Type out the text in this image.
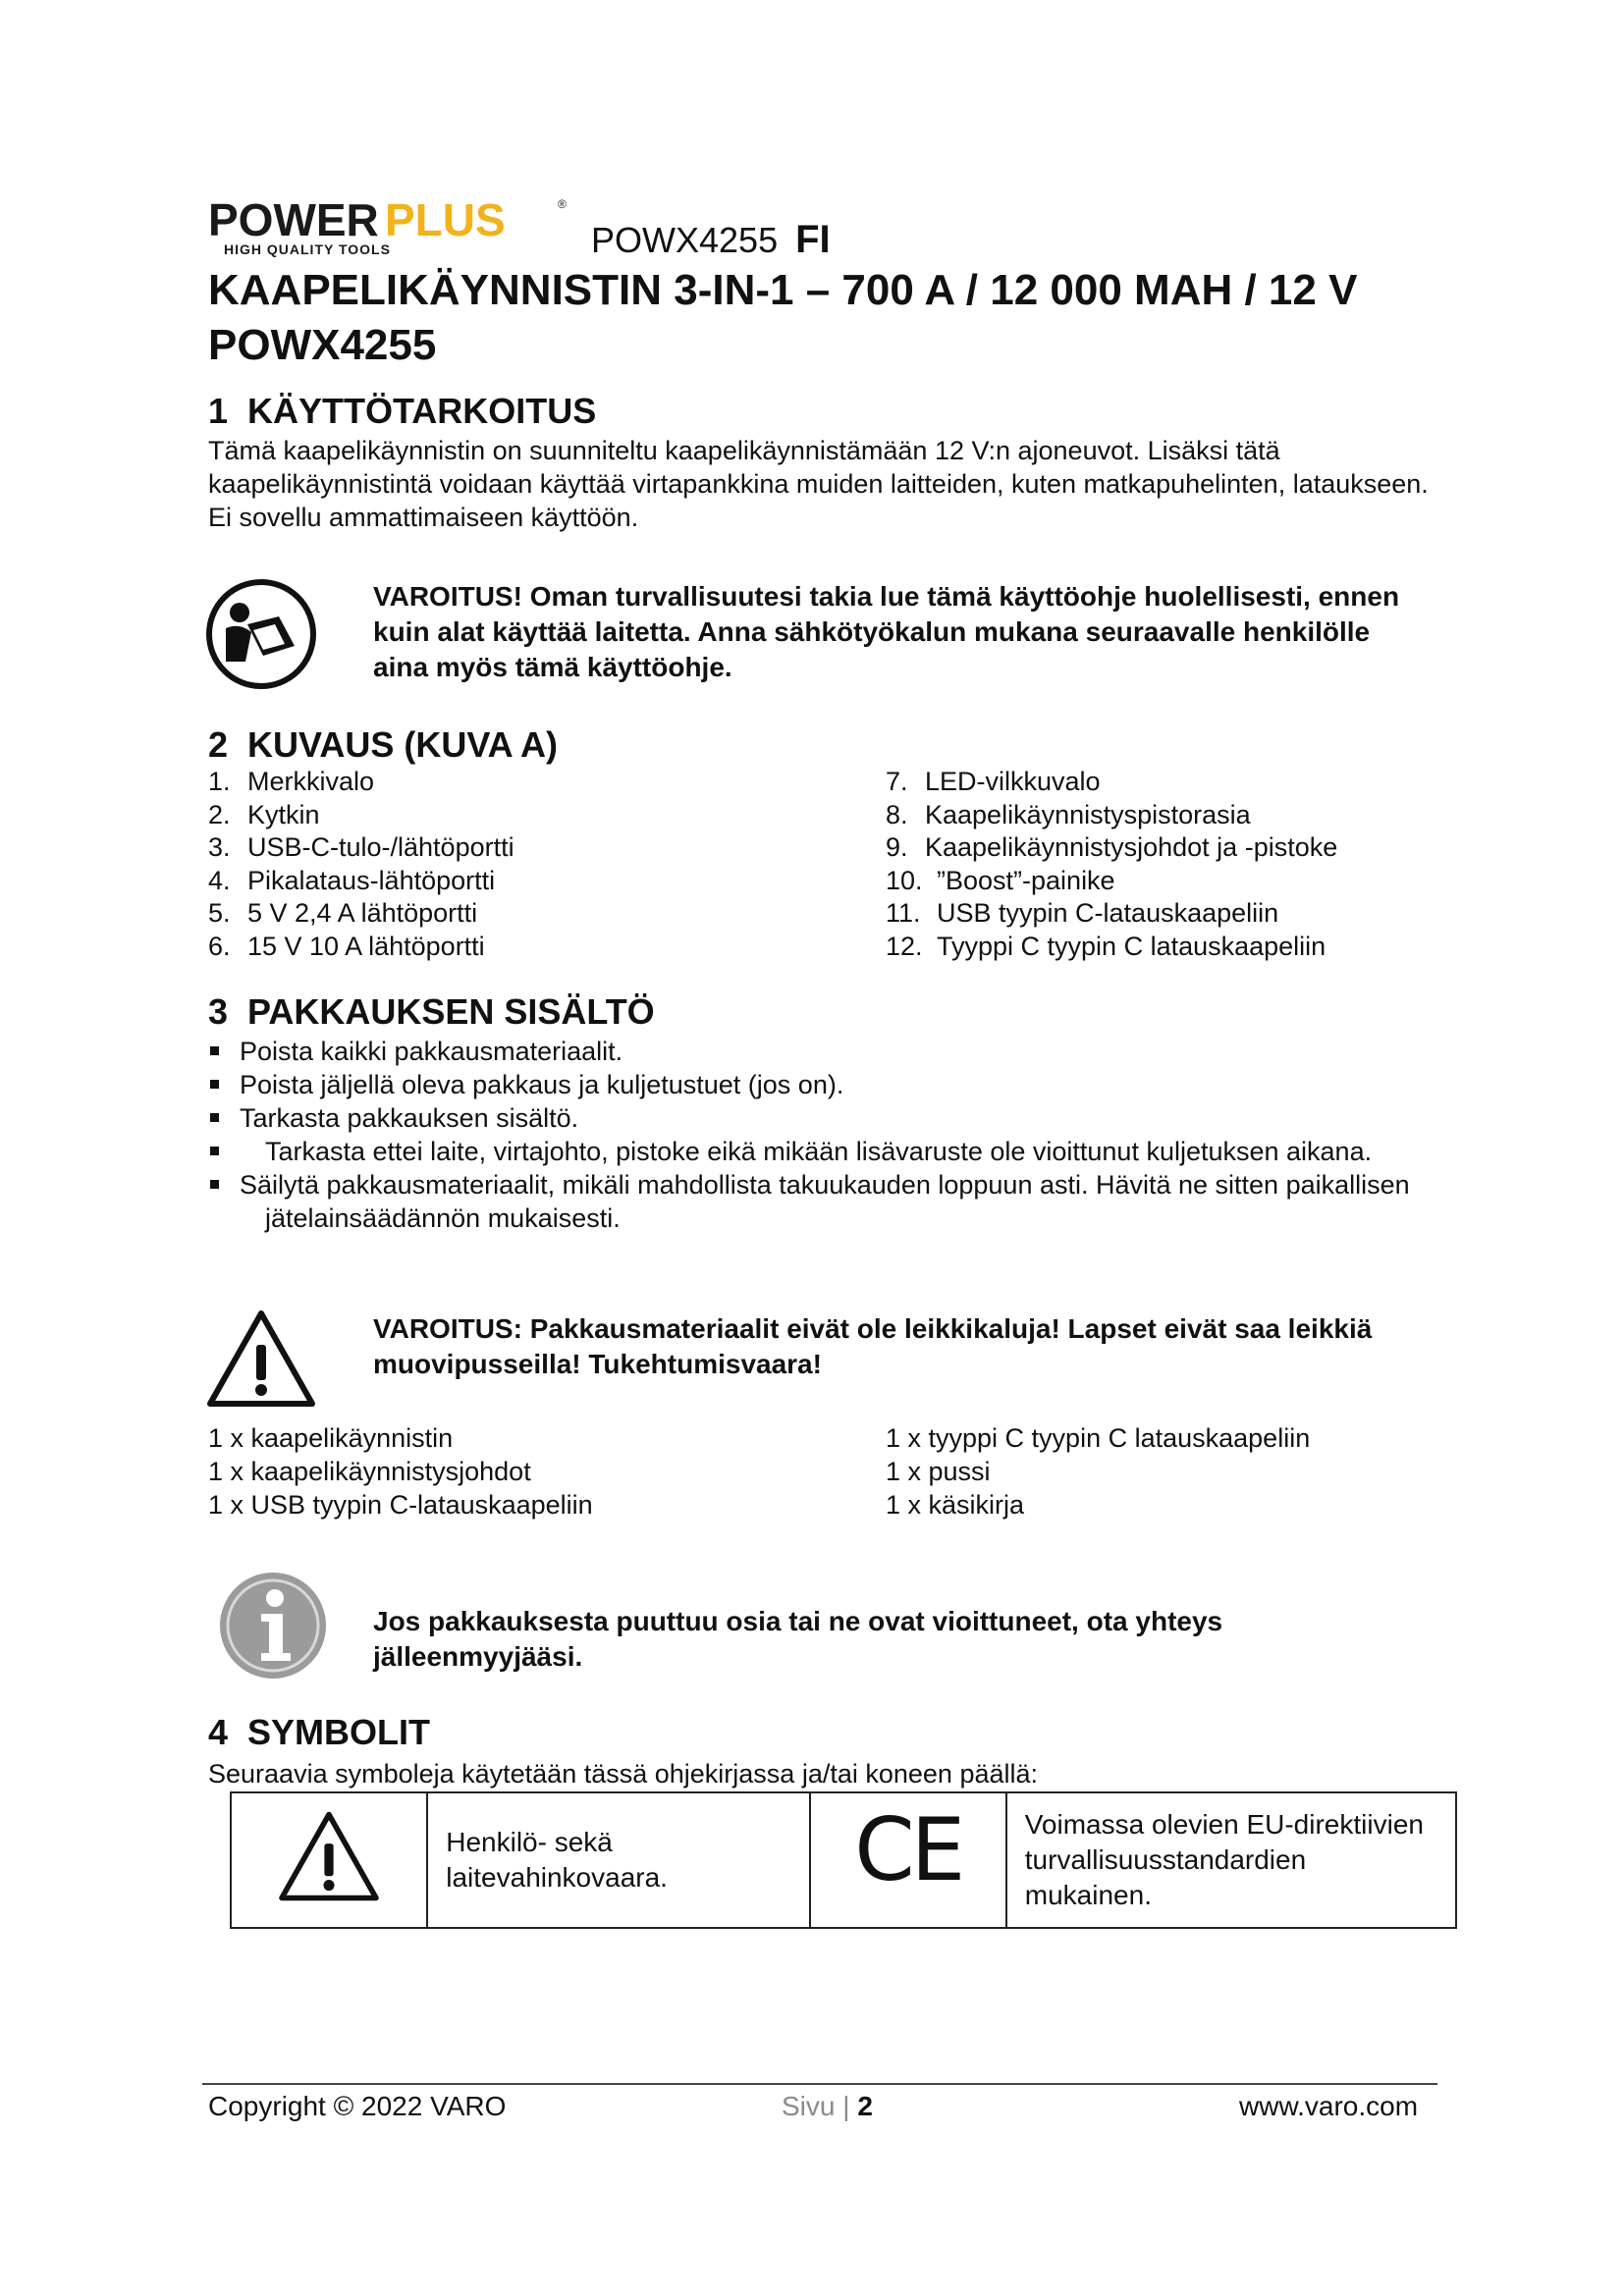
POWER PLUS	®
HIGH QUALITY TOOLS	POWX4255 FI
KAAPELIKÄYNNISTIN 3-IN-1 – 700 A / 12 000 MAH / 12 V
POWX4255
1 KÄYTTÖTARKOITUS
Tämä kaapelikäynnistin on suunniteltu kaapelikäynnistämään 12 V:n ajoneuvot. Lisäksi tätä kaapelikäynnistintä voidaan käyttää virtapankkina muiden laitteiden, kuten matkapuhelinten, lataukseen. Ei sovellu ammattimaiseen käyttöön.
VAROITUS! Oman turvallisuutesi takia lue tämä käyttöohje huolellisesti, ennen kuin alat käyttää laitetta. Anna sähkötyökalun mukana seuraavalle henkilölle aina myös tämä käyttöohje.
2 KUVAUS (KUVA A)
1. Merkkivalo
2. Kytkin
3. USB-C-tulo-/lähtöportti
4. Pikalataus-lähtöportti
5. 5 V 2,4 A lähtöportti
6. 15 V 10 A lähtöportti
7. LED-vilkkuvalo
8. Kaapelikäynnistyspistorasia
9. Kaapelikäynnistysjohdot ja -pistoke
10. ”Boost”-painike
11. USB tyypin C-latauskaapeliin
12. Tyyppi C tyypin C latauskaapeliin
3 PAKKAUKSEN SISÄLTÖ
Poista kaikki pakkausmateriaalit.
Poista jäljellä oleva pakkaus ja kuljetustuet (jos on).
Tarkasta pakkauksen sisältö.
Tarkasta ettei laite, virtajohto, pistoke eikä mikään lisävaruste ole vioittunut kuljetuksen aikana.
Säilytä pakkausmateriaalit, mikäli mahdollista takuukauden loppuun asti. Hävitä ne sitten paikallisen jätelainsäädännön mukaisesti.
VAROITUS: Pakkausmateriaalit eivät ole leikkikaluja! Lapset eivät saa leikkiä muovipusseilla! Tukehtumisvaara!
1 x kaapelikäynnistin
1 x kaapelikäynnistysjohdot
1 x USB tyypin C-latauskaapeliin
1 x tyyppi C tyypin C latauskaapeliin
1 x pussi
1 x käsikirja
Jos pakkauksesta puuttuu osia tai ne ovat vioittuneet, ota yhteys jälleenmyyjääsi.
4 SYMBOLIT
Seuraavia symboleja käytetään tässä ohjekirjassa ja/tai koneen päällä:
	Henkilö- sekä laitevahinkovaara.	CE	Voimassa olevien EU-direktiivien turvallisuusstandardien mukainen.
Copyright © 2022 VARO	Sivu | 2	www.varo.com
